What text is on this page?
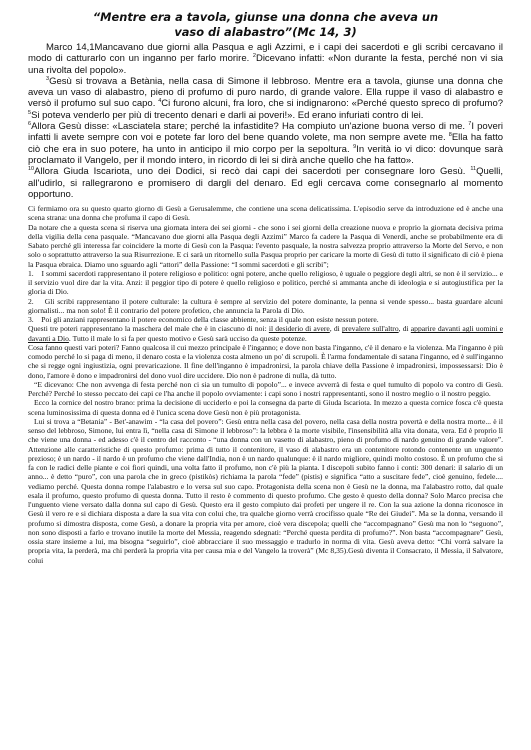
“Mentre era a tavola, giunse una donna che aveva un
vaso di alabastro”(Mc 14, 3)

Marco 14,1Mancavano due giorni alla Pasqua e agli Azzimi, e i capi dei sacerdoti e gli scribi cercavano il modo di catturarlo con un inganno per farlo morire. $^2$Dicevano infatti: «Non durante la festa, perché non vi sia una rivolta del popolo».

$^3$Gesù si trovava a Betània, nella casa di Simone il lebbroso. Mentre era a tavola, giunse una donna che aveva un vaso di alabastro, pieno di profumo di puro nardo, di grande valore. Ella ruppe il vaso di alabastro e versò il profumo sul suo capo. $^4$Ci furono alcuni, fra loro, che si indignarono: «Perché questo spreco di profumo? $^5$Si poteva venderlo per più di trecento denari e darli ai poveri!». Ed erano infuriati contro di lei.

$^6$Allora Gesù disse: «Lasciatela stare; perché la infastidite? Ha compiuto un'azione buona verso di me. $^7$I poveri infatti li avete sempre con voi e potete far loro del bene quando volete, ma non sempre avete me. $^8$Ella ha fatto ciò che era in suo potere, ha unto in anticipo il mio corpo per la sepoltura. $^9$In verità io vi dico: dovunque sarà proclamato il Vangelo, per il mondo intero, in ricordo di lei si dirà anche quello che ha fatto».

$^{10}$Allora Giuda Iscariota, uno dei Dodici, si recò dai capi dei sacerdoti per consegnare loro Gesù. $^{11}$Quelli, all'udirlo, si rallegrarono e promisero di dargli del denaro. Ed egli cercava come consegnarlo al momento opportuno.

Ci fermiamo ora su questo quarto giorno di Gesù a Gerusalemme, che contiene una scena delicatissima. L'episodio serve da introduzione ed è anche una scena strana: una donna che profuma il capo di Gesù.

Da notare che a questa scena si riserva una giornata intera dei sei giorni - che sono i sei giorni della creazione nuova e proprio la giornata decisiva prima della vigilia della cena pasquale. “Mancavano due giorni alla Pasqua degli Azzimi” Marco fa cadere la Pasqua di Venerdì, anche se probabilmente era di Sabato perché gli interessa far coincidere la morte di Gesù con la Pasqua: l'evento pasquale, la nostra salvezza proprio attraverso la Morte del Servo, e non solo o soprattutto attraverso la sua Risurrezione. E ci sarà un ritornello sulla Pasqua proprio per caricare la morte di Gesù di tutto il significato di ciò è piena la Pasqua ebraica. Diamo uno sguardo agli “attori” della Passione: “I sommi sacerdoti e gli scribi”;

1. I sommi sacerdoti rappresentano il potere religioso e politico: ogni potere, anche quello religioso, è uguale o peggiore degli altri, se non è il servizio... e il servizio vuol dire dar la vita. Anzi: il peggior tipo di potere è quello religioso e politico, perché si ammanta anche di ideologia e si autogiustifica per la gloria di Dio.

2. Gli scribi rappresentano il potere culturale: la cultura è sempre al servizio del potere dominante, la penna si vende spesso... basta guardare alcuni giornalisti... ma non solo! È il contrario del potere profetico, che annuncia la Parola di Dio.

3. Poi gli anziani rappresentano il potere economico della classe abbiente, senza il quale non esiste nessun potere.

Questi tre poteri rappresentano la maschera del male che è in ciascuno di noi: il desiderio di avere, di prevalere sull'altro, di apparire davanti agli uomini e davanti a Dio. Tutto il male lo si fa per questo motivo e Gesù sarà ucciso da queste potenze.

Cosa fanno questi vari poteri? Fanno qualcosa il cui mezzo principale è l'inganno; e dove non basta l'inganno, c'è il denaro e la violenza. Ma l'inganno è più comodo perché lo si paga di meno, il denaro costa e la violenza costa almeno un po' di scrupoli. È l'arma fondamentale di satana l'inganno, ed è sull'inganno che si regge ogni ingiustizia, ogni prevaricazione. Il fine dell'inganno è impadronirsi, la parola chiave della Passione è impadronirsi, impossessarsi: Dio è dono, l'amore è dono e impadronirsi del dono vuol dire uccidere. Dio non è padrone di nulla, dà tutto.

“E dicevano: Che non avvenga di festa perché non ci sia un tumulto di popolo”... e invece avverrà di festa e quel tumulto di popolo va contro di Gesù. Perché? Perché lo stesso peccato dei capi ce l'ha anche il popolo ovviamente: i capi sono i nostri rappresentanti, sono il nostro meglio o il nostro peggio.

Ecco la cornice del nostro brano: prima la decisione di ucciderlo e poi la consegna da parte di Giuda Iscariota. In mezzo a questa cornice fosca c'è questa scena luminosissima di questa donna ed è l'unica scena dove Gesù non è più protagonista.

Lui si trova a “Betania” - Bet'-anawim - “la casa del povero”: Gesù entra nella casa del povero, nella casa della nostra povertà e della nostra morte... è il senso del lebbroso, Simone, lui entra lì, “nella casa di Simone il lebbroso”: la lebbra è la morte visibile, l'insensibilità alla vita donata, vera. Ed è proprio lì che viene una donna - ed adesso c'è il centro del racconto - “una donna con un vasetto di alabastro, pieno di profumo di nardo genuino di grande valore”. Attenzione alle caratteristiche di questo profumo: prima di tutto il contenitore, il vaso di alabastro era un contenitore rotondo contenente un unguento prezioso; è un nardo - il nardo è un profumo che viene dall'India, non è un nardo qualunque: è il nardo migliore, quindi molto costoso. È un profumo che si fa con le radici delle piante e coi fiori quindi, una volta fatto il profumo, non c'è più la pianta. I discepoli subito fanno i conti: 300 denari: il salario di un anno... è detto “puro”, con una parola che in greco (pistikòs) richiama la parola “fede” (pistis) e significa “atto a suscitare fede”, cioè genuino, fedele.... vediamo perché. Questa donna rompe l'alabastro e lo versa sul suo capo. Protagonista della scena non è Gesù ne la donna, ma l'alabastro rotto, dal quale esala il profumo, questo profumo di questa donna. Tutto il resto è commento di questo profumo. Che gesto è questo della donna? Solo Marco precisa che l'unguento viene versato dalla donna sul capo di Gesù. Questo era il gesto compiuto dai profeti per ungere il re. Con la sua azione la donna riconosce in Gesù il vero re e si dichiara disposta a dare la sua vita con colui che, tra qualche giorno verrà crocifisso quale “Re dei Giudei”. Ma se la donna, versando il profumo si dimostra disposta, come Gesù, a donare la propria vita per amore, cioè vera discepola; quelli che “accompagnano” Gesù ma non lo “seguono”, non sono disposti a farlo e trovano inutile la morte del Messia, reagendo sdegnati: “Perché questa perdita di profumo?”. Non basta “accompagnare” Gesù, ossia stare insieme a lui, ma bisogna “seguirlo”, cioè abbracciare il suo messaggio e tradurlo in norma di vita. Gesù aveva detto: “Chi vorrà salvare la propria vita, la perderà, ma chi perderà la propria vita per causa mia e del Vangelo la troverà” (Mc 8,35).Gesù diventa il Consacrato, il Messia, il Salvatore, colui
